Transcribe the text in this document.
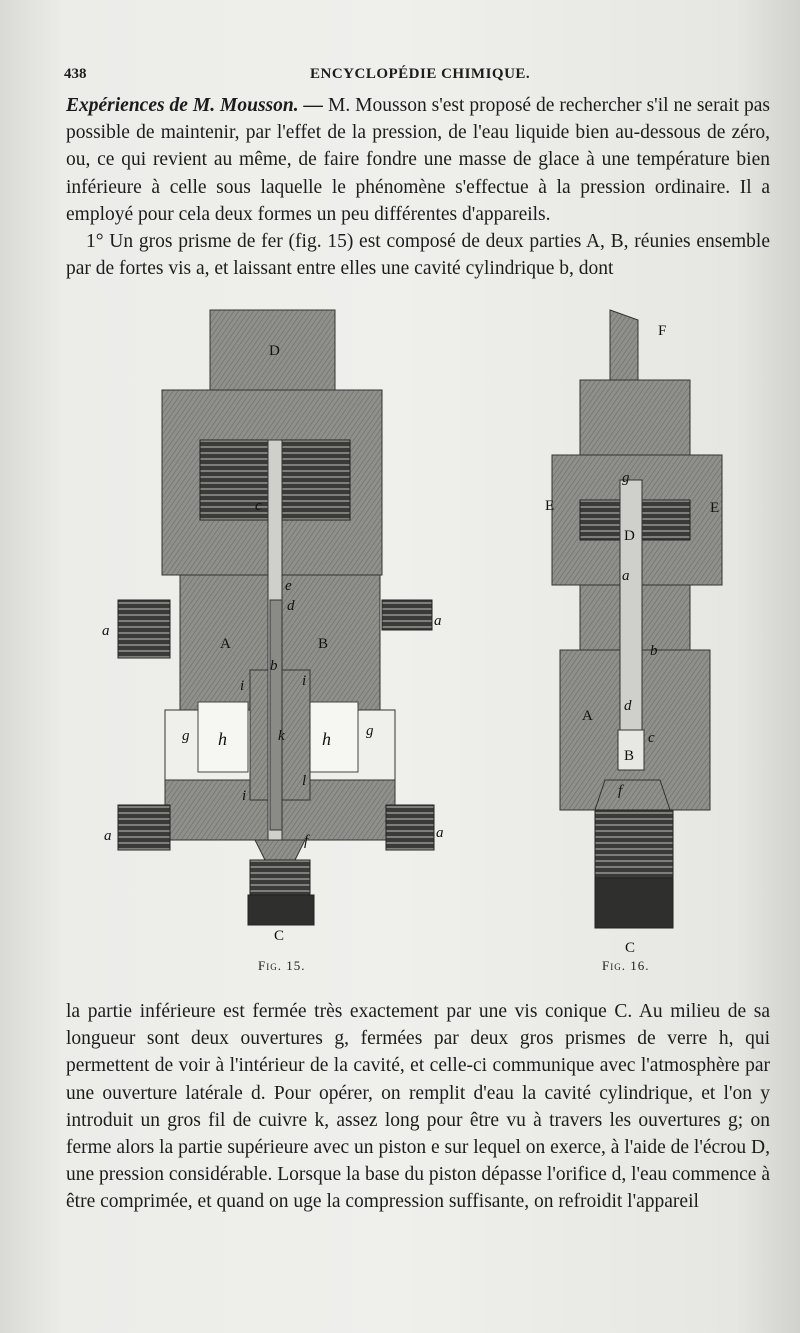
438	ENCYCLOPÉDIE CHIMIQUE.

Expériences de M. Mousson. — M. Mousson s'est proposé de rechercher s'il ne serait pas possible de maintenir, par l'effet de la pression, de l'eau liquide bien au-dessous de zéro, ou, ce qui revient au même, de faire fondre une masse de glace à une température bien inférieure à celle sous laquelle le phénomène s'effectue à la pression ordinaire. Il a employé pour cela deux formes un peu différentes d'appareils.

1° Un gros prisme de fer (fig. 15) est composé de deux parties A, B, réunies ensemble par de fortes vis a, et laissant entre elles une cavité cylindrique b, dont

D
c
e
d
A	B
b
a
a
i	i
g	g
h	k h
l
i
a	a
f
C
F
g
E	E
D
a
b
A
d
c
B
f
C
Fig. 15.	Fig. 16.

la partie inférieure est fermée très exactement par une vis conique C. Au milieu de sa longueur sont deux ouvertures g, fermées par deux gros prismes de verre h, qui permettent de voir à l'intérieur de la cavité, et celle-ci communique avec l'atmosphère par une ouverture latérale d. Pour opérer, on remplit d'eau la cavité cylindrique, et l'on y introduit un gros fil de cuivre k, assez long pour être vu à travers les ouvertures g; on ferme alors la partie supérieure avec un piston e sur lequel on exerce, à l'aide de l'écrou D, une pression considérable. Lorsque la base du piston dépasse l'orifice d, l'eau commence à être comprimée, et quand on uge la compression suffisante, on refroidit l'appareil
